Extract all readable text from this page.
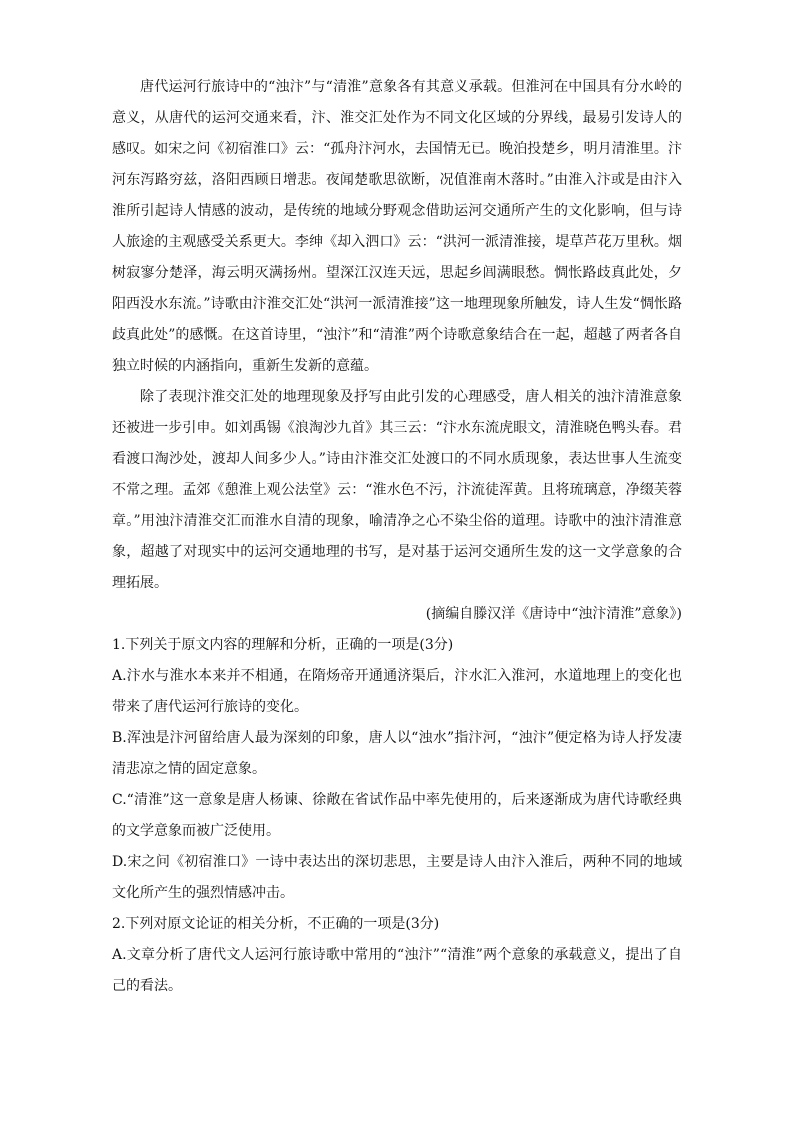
唐代运河行旅诗中的“浊汴”与“清淮”意象各有其意义承载。但淮河在中国具有分水岭的意义，从唐代的运河交通来看，汴、淮交汇处作为不同文化区域的分界线，最易引发诗人的感叹。如宋之问《初宿淮口》云：“孤舟汴河水，去国情无已。晚泊投楚乡，明月清淮里。汴河东泻路穷兹，洛阳西顾日增悲。夜闻楚歌思欲断，况值淮南木落时。”由淮入汴或是由汴入淮所引起诗人情感的波动，是传统的地域分野观念借助运河交通所产生的文化影响，但与诗人旅途的主观感受关系更大。李绅《却入泗口》云：“洪河一派清淮接，堤草芦花万里秋。烟树寂寥分楚泽，海云明灭满扬州。望深江汉连天远，思起乡闾满眼愁。惆怅路歧真此处，夕阳西没水东流。”诗歌由汴淮交汇处“洪河一派清淮接”这一地理现象所触发，诗人生发“惆怅路歧真此处”的感慨。在这首诗里，“浊汴”和“清淮”两个诗歌意象结合在一起，超越了两者各自独立时候的内涵指向，重新生发新的意蕴。

除了表现汴淮交汇处的地理现象及抒写由此引发的心理感受，唐人相关的浊汴清淮意象还被进一步引申。如刘禹锡《浪淘沙九首》其三云：“汴水东流虎眼文，清淮晓色鸭头春。君看渡口淘沙处，渡却人间多少人。”诗由汴淮交汇处渡口的不同水质现象，表达世事人生流变不常之理。孟郊《憩淮上观公法堂》云：“淮水色不污，汴流徒浑黄。且将琉璃意，净缀芙蓉章。”用浊汴清淮交汇而淮水自清的现象，喻清净之心不染尘俗的道理。诗歌中的浊汴清淮意象，超越了对现实中的运河交通地理的书写，是对基于运河交通所生发的这一文学意象的合理拓展。

(摘编自滕汉洋《唐诗中“浊汴清淮”意象》)

1.下列关于原文内容的理解和分析，正确的一项是(3分)

A.汴水与淮水本来并不相通，在隋炀帝开通通济渠后，汴水汇入淮河，水道地理上的变化也带来了唐代运河行旅诗的变化。

B.浑浊是汴河留给唐人最为深刻的印象，唐人以“浊水”指汴河，“浊汴”便定格为诗人抒发凄清悲凉之情的固定意象。

C.“清淮”这一意象是唐人杨谏、徐敞在省试作品中率先使用的，后来逐渐成为唐代诗歌经典的文学意象而被广泛使用。

D.宋之问《初宿淮口》一诗中表达出的深切悲思，主要是诗人由汴入淮后，两种不同的地域文化所产生的强烈情感冲击。

2.下列对原文论证的相关分析，不正确的一项是(3分)

A.文章分析了唐代文人运河行旅诗歌中常用的“浊汴”“清淮”两个意象的承载意义，提出了自己的看法。
